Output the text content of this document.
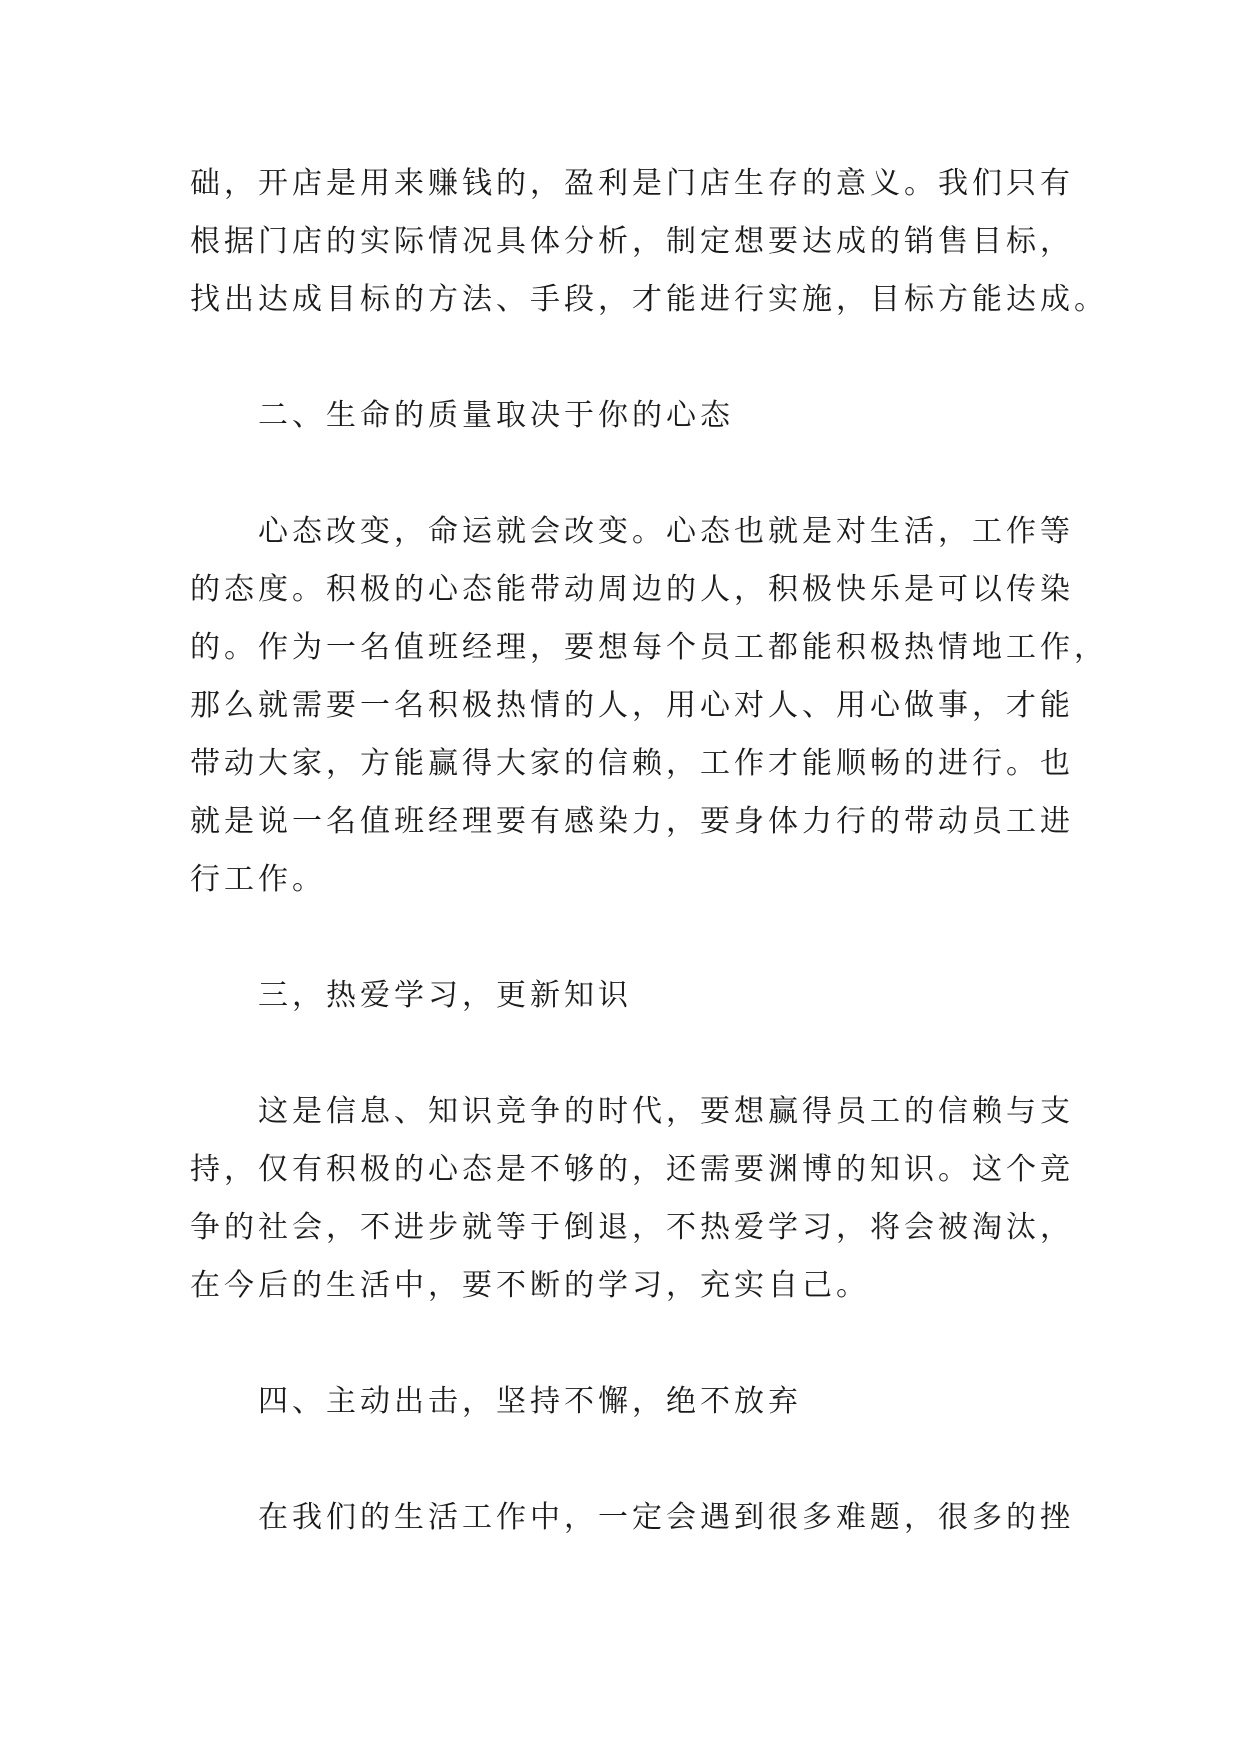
础，开店是用来赚钱的，盈利是门店生存的意义。我们只有
根据门店的实际情况具体分析，制定想要达成的销售目标，
找出达成目标的方法、手段，才能进行实施，目标方能达成。
二、生命的质量取决于你的心态
心态改变，命运就会改变。心态也就是对生活，工作等
的态度。积极的心态能带动周边的人，积极快乐是可以传染
的。作为一名值班经理，要想每个员工都能积极热情地工作，
那么就需要一名积极热情的人，用心对人、用心做事，才能
带动大家，方能赢得大家的信赖，工作才能顺畅的进行。也
就是说一名值班经理要有感染力，要身体力行的带动员工进
行工作。
三，热爱学习，更新知识
这是信息、知识竞争的时代，要想赢得员工的信赖与支
持，仅有积极的心态是不够的，还需要渊博的知识。这个竞
争的社会，不进步就等于倒退，不热爱学习，将会被淘汰，
在今后的生活中，要不断的学习，充实自己。
四、主动出击，坚持不懈，绝不放弃
在我们的生活工作中，一定会遇到很多难题，很多的挫
